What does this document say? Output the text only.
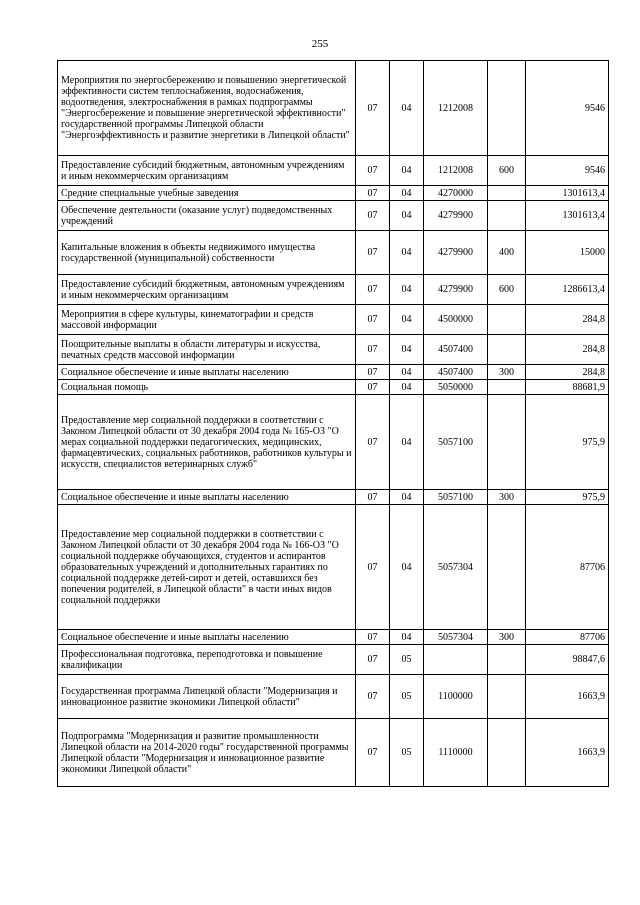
255
Мероприятия по энергосбережению и повышению энергетической эффективности систем теплоснабжения, водоснабжения, водоотведения, электроснабжения в рамках подпрограммы "Энергосбережение и повышение энергетической эффективности" государственной программы Липецкой области "Энергоэффективность и развитие энергетики в Липецкой области"	07	04	1212008		9546
Предоставление субсидий бюджетным, автономным учреждениям и иным некоммерческим организациям	07	04	1212008	600	9546
Средние специальные учебные заведения	07	04	4270000		1301613,4
Обеспечение деятельности (оказание услуг) подведомственных учреждений	07	04	4279900		1301613,4
Капитальные вложения в объекты недвижимого имущества государственной (муниципальной) собственности	07	04	4279900	400	15000
Предоставление субсидий бюджетным, автономным учреждениям и иным некоммерческим организациям	07	04	4279900	600	1286613,4
Мероприятия в сфере культуры, кинематографии и средств массовой информации	07	04	4500000		284,8
Поощрительные выплаты в области литературы и искусства, печатных средств массовой информации	07	04	4507400		284,8
Социальное обеспечение и иные выплаты населению	07	04	4507400	300	284,8
Социальная помощь	07	04	5050000		88681,9
Предоставление мер социальной поддержки в соответствии с Законом Липецкой области от 30 декабря 2004 года № 165-ОЗ "О мерах социальной поддержки педагогических, медицинских, фармацевтических, социальных работников, работников культуры и искусств, специалистов ветеринарных служб"	07	04	5057100		975,9
Социальное обеспечение и иные выплаты населению	07	04	5057100	300	975,9
Предоставление мер социальной поддержки в соответствии с Законом Липецкой области от 30 декабря 2004 года № 166-ОЗ "О социальной поддержке обучающихся, студентов и аспирантов образовательных учреждений и дополнительных гарантиях по социальной поддержке детей-сирот и детей, оставшихся без попечения родителей, в Липецкой области" в части иных видов социальной поддержки	07	04	5057304		87706
Социальное обеспечение и иные выплаты населению	07	04	5057304	300	87706
Профессиональная подготовка, переподготовка и повышение квалификации	07	05			98847,6
Государственная программа Липецкой области "Модернизация и инновационное развитие экономики Липецкой области"	07	05	1100000		1663,9
Подпрограмма "Модернизация и развитие промышленности Липецкой области на 2014-2020 годы" государственной программы Липецкой области "Модернизация и инновационное развитие экономики Липецкой области"	07	05	1110000		1663,9
